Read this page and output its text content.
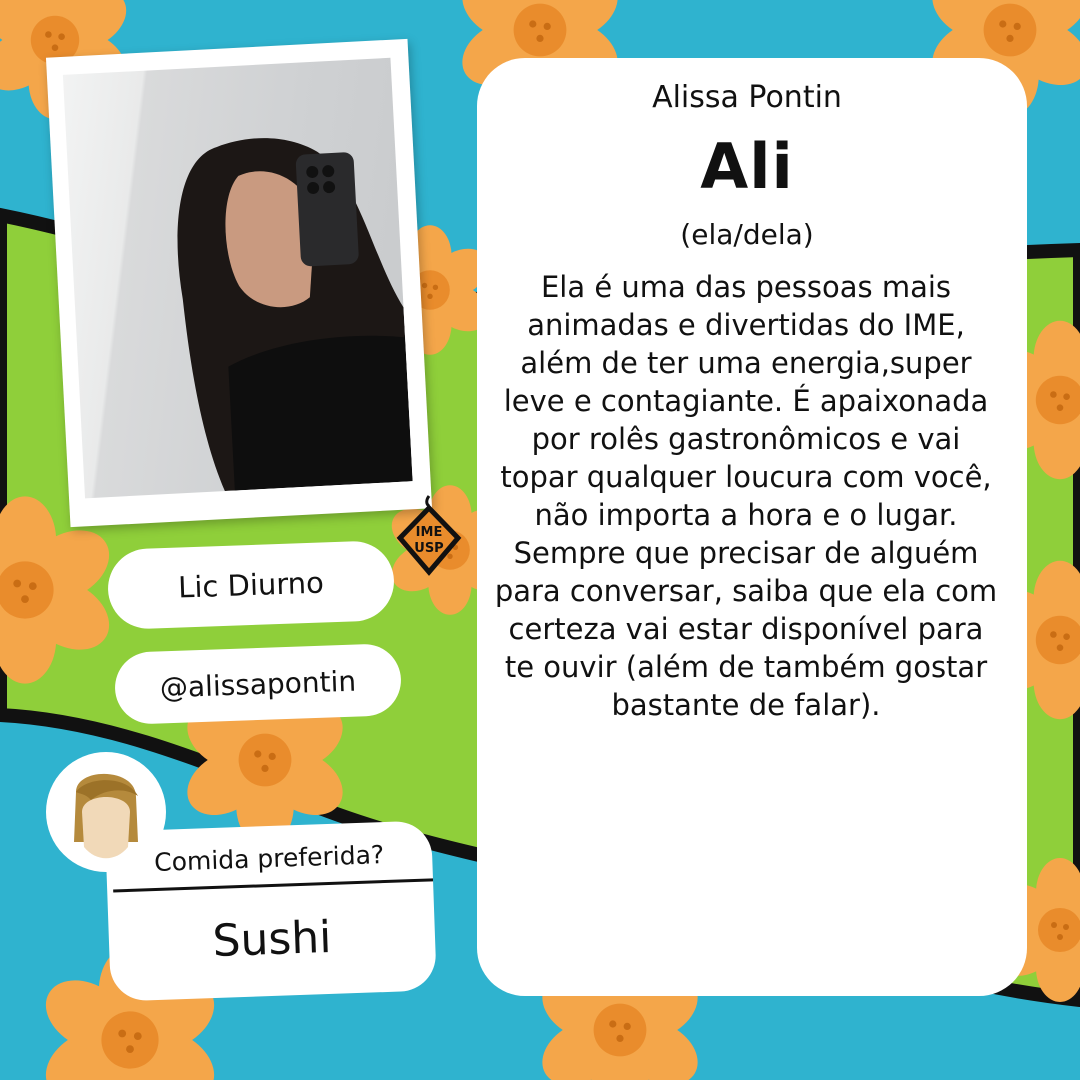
IME
USP
Alissa Pontin
Ali
(ela/dela)
Ela é uma das pessoas mais animadas e divertidas do IME, além de ter uma energia,super leve e contagiante. É apaixonada por rolês gastronômicos e vai topar qualquer loucura com você, não importa a hora e o lugar. Sempre que precisar de alguém para conversar, saiba que ela com certeza vai estar disponível para te ouvir (além de também gostar bastante de falar).
Lic Diurno
@alissapontin
Comida preferida?
Sushi
